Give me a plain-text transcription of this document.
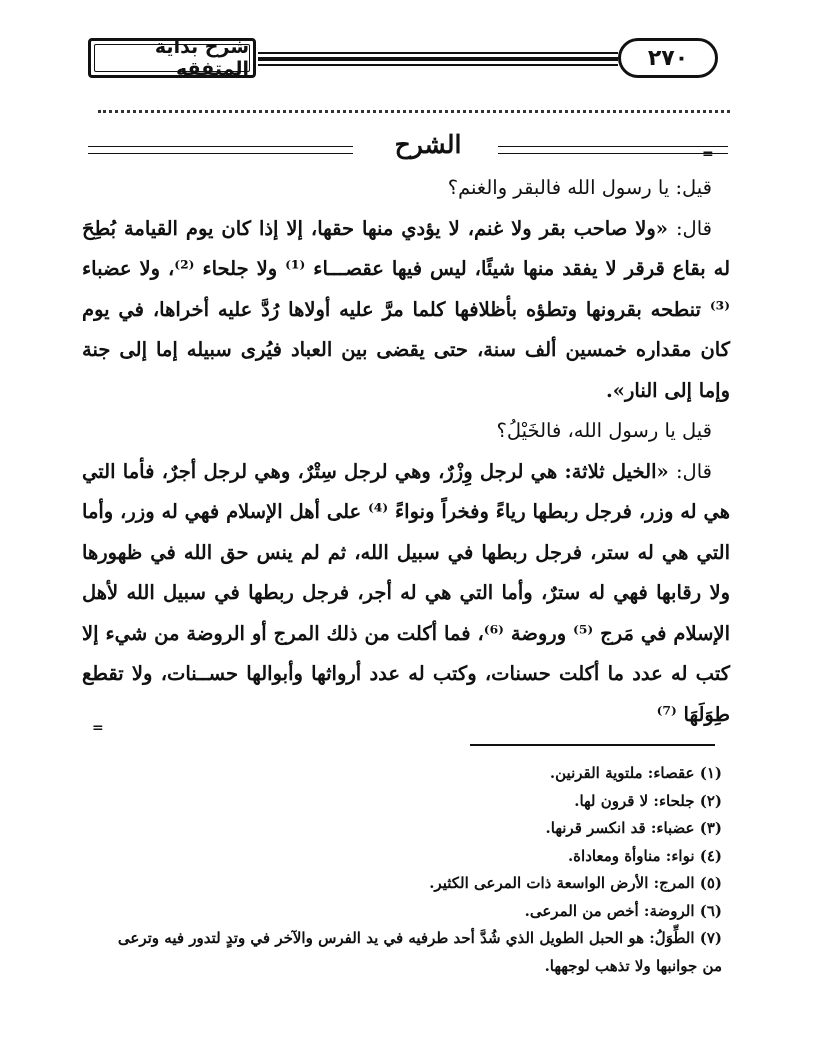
شرح بداية المتفقه	٢٧٠
الشرح	=

قيل: يا رسول الله فالبقر والغنم؟

قال: «ولا صاحب بقر ولا غنم، لا يؤدي منها حقها، إلا إذا كان يوم القيامة بُطِحَ له بقاع قرقر لا يفقد منها شيئًا، ليس فيها عقصـــاء ⁽¹⁾ ولا جلحاء ⁽²⁾، ولا عضباء ⁽³⁾ تنطحه بقرونها وتطؤه بأظلافها كلما مرَّ عليه أولاها رُدَّ عليه أخراها، في يوم كان مقداره خمسين ألف سنة، حتى يقضى بين العباد فيُرى سبيله إما إلى جنة وإما إلى النار».

قيل يا رسول الله، فالخَيْلُ؟

قال: «الخيل ثلاثة: هي لرجل وِزْرٌ، وهي لرجل سِتْرٌ، وهي لرجل أجرٌ، فأما التي هي له وزر، فرجل ربطها رياءً وفخراً ونواءً ⁽⁴⁾ على أهل الإسلام فهي له وزر، وأما التي هي له ستر، فرجل ربطها في سبيل الله، ثم لم ينس حق الله في ظهورها ولا رقابها فهي له سترٌ، وأما التي هي له أجر، فرجل ربطها في سبيل الله لأهل الإسلام في مَرج ⁽⁵⁾ وروضة ⁽⁶⁾، فما أكلت من ذلك المرج أو الروضة من شيء إلا كتب له عدد ما أكلت حسنات، وكتب له عدد أرواثها وأبوالها حســنات، ولا تقطع طِوَلَهَا ⁽⁷⁾

=

(١) عقصاء: ملتوية القرنين.

(٢) جلحاء: لا قرون لها.

(٣) عضباء: قد انكسر قرنها.

(٤) نواء: مناوأة ومعاداة.

(٥) المرج: الأرض الواسعة ذات المرعى الكثير.

(٦) الروضة: أخص من المرعى.

(٧) الطِّوَلُ: هو الحبل الطويل الذي شُدَّ أحد طرفيه في يد الفرس والآخر في وتدٍ لتدور فيه وترعى

من جوانبها ولا تذهب لوجهها.
